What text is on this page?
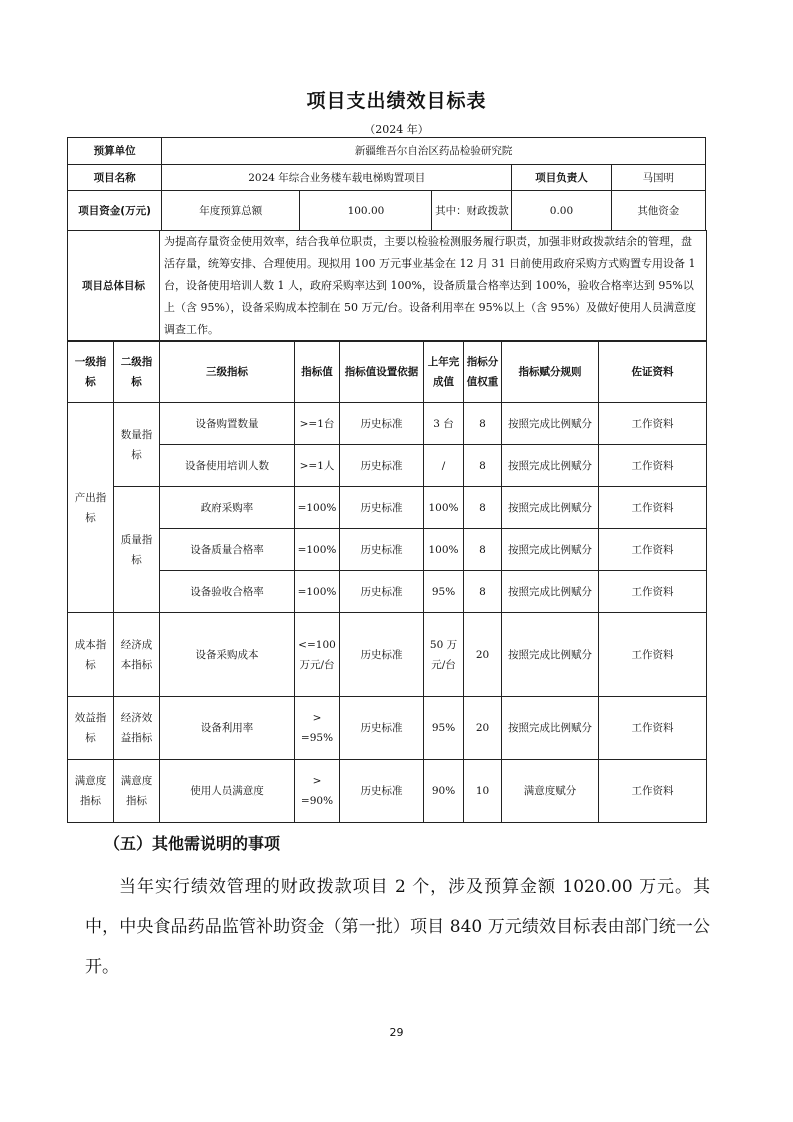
项目支出绩效目标表
（2024 年）
预算单位	新疆维吾尔自治区药品检验研究院				
项目名称	2024 年综合业务楼车载电梯购置项目			项目负责人	马国明
项目资金(万元)	年度预算总额	100.00	其中：财政拨款	0.00	其他资金
项目总体目标	为提高存量资金使用效率，结合我单位职责，主要以检验检测服务履行职责，加强非财政拨款结余的管理，盘活存量，统筹安排、合理使用。现拟用 100 万元事业基金在 12 月 31 日前使用政府采购方式购置专用设备 1 台，设备使用培训人数 1 人，政府采购率达到 100%，设备质量合格率达到 100%，验收合格率达到 95%以上（含 95%），设备采购成本控制在 50 万元/台。设备利用率在 95%以上（含 95%）及做好使用人员满意度调查工作。
一级指标	二级指标	三级指标	指标值	指标值设置依据	上年完成值	指标分值权重	指标赋分规则	佐证资料
产出指标	数量指标	设备购置数量	>=1台	历史标准	3 台	8	按照完成比例赋分	工作资料
		设备使用培训人数	>=1人	历史标准	/	8	按照完成比例赋分	工作资料
	质量指标	政府采购率	=100%	历史标准	100%	8	按照完成比例赋分	工作资料
		设备质量合格率	=100%	历史标准	100%	8	按照完成比例赋分	工作资料
		设备验收合格率	=100%	历史标准	95%	8	按照完成比例赋分	工作资料
成本指标	经济成本指标	设备采购成本	<=100万元/台	历史标准	50 万元/台	20	按照完成比例赋分	工作资料
效益指标	经济效益指标	设备利用率	> =95%	历史标准	95%	20	按照完成比例赋分	工作资料
满意度指标	满意度指标	使用人员满意度	> =90%	历史标准	90%	10	满意度赋分	工作资料
（五）其他需说明的事项
当年实行绩效管理的财政拨款项目 2 个，涉及预算金额 1020.00 万元。其中，中央食品药品监管补助资金（第一批）项目 840 万元绩效目标表由部门统一公开。
29
